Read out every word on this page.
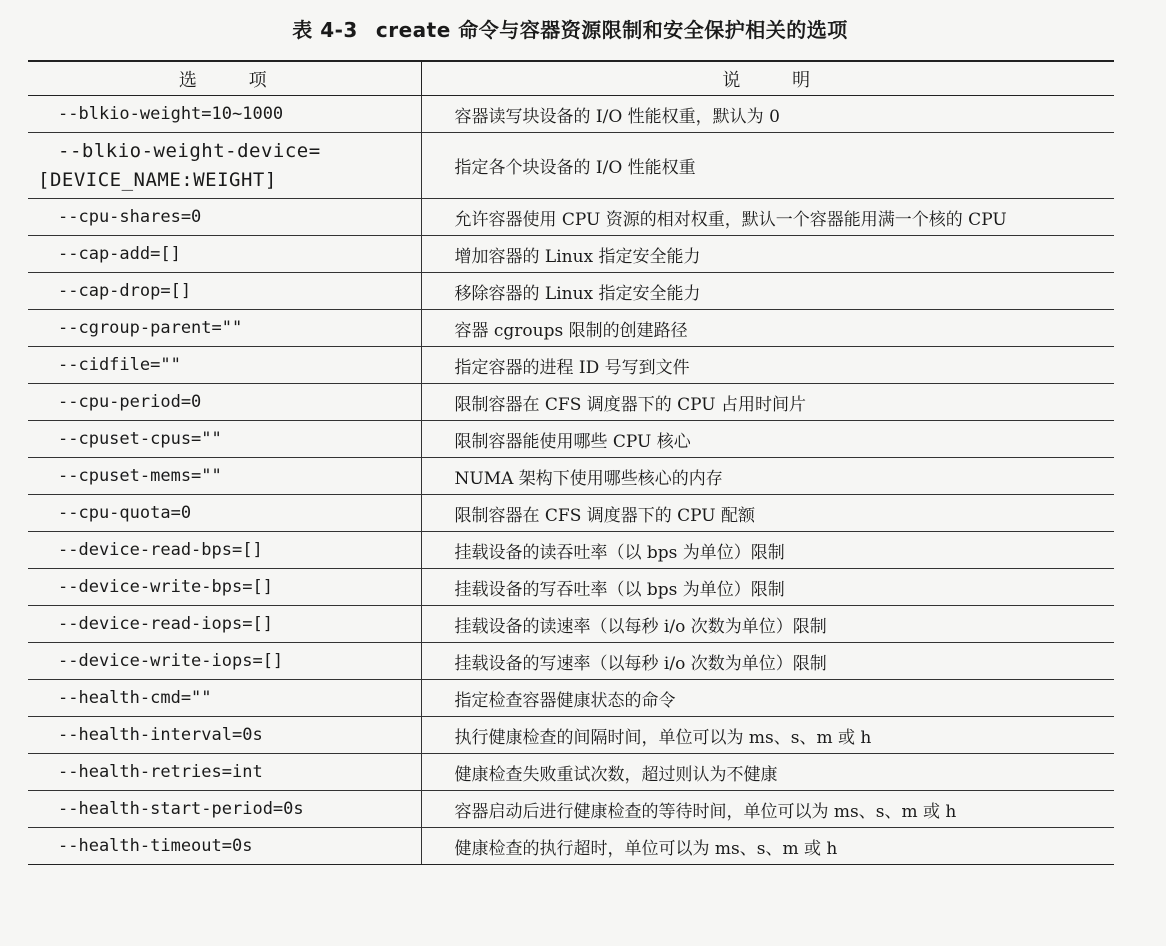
表 4-3 create 命令与容器资源限制和安全保护相关的选项
选 项	说 明
--blkio-weight=10~1000	容器读写块设备的 I/O 性能权重，默认为 0

--blkio-weight-device=
[DEVICE_NAME:WEIGHT]	指定各个块设备的 I/O 性能权重
--cpu-shares=0	允许容器使用 CPU 资源的相对权重，默认一个容器能用满一个核的 CPU
--cap-add=[]	增加容器的 Linux 指定安全能力
--cap-drop=[]	移除容器的 Linux 指定安全能力
--cgroup-parent=""	容器 cgroups 限制的创建路径
--cidfile=""	指定容器的进程 ID 号写到文件
--cpu-period=0	限制容器在 CFS 调度器下的 CPU 占用时间片
--cpuset-cpus=""	限制容器能使用哪些 CPU 核心
--cpuset-mems=""	NUMA 架构下使用哪些核心的内存
--cpu-quota=0	限制容器在 CFS 调度器下的 CPU 配额
--device-read-bps=[]	挂载设备的读吞吐率（以 bps 为单位）限制
--device-write-bps=[]	挂载设备的写吞吐率（以 bps 为单位）限制
--device-read-iops=[]	挂载设备的读速率（以每秒 i/o 次数为单位）限制
--device-write-iops=[]	挂载设备的写速率（以每秒 i/o 次数为单位）限制
--health-cmd=""	指定检查容器健康状态的命令
--health-interval=0s	执行健康检查的间隔时间，单位可以为 ms、s、m 或 h
--health-retries=int	健康检查失败重试次数，超过则认为不健康
--health-start-period=0s	容器启动后进行健康检查的等待时间，单位可以为 ms、s、m 或 h
--health-timeout=0s	健康检查的执行超时，单位可以为 ms、s、m 或 h
